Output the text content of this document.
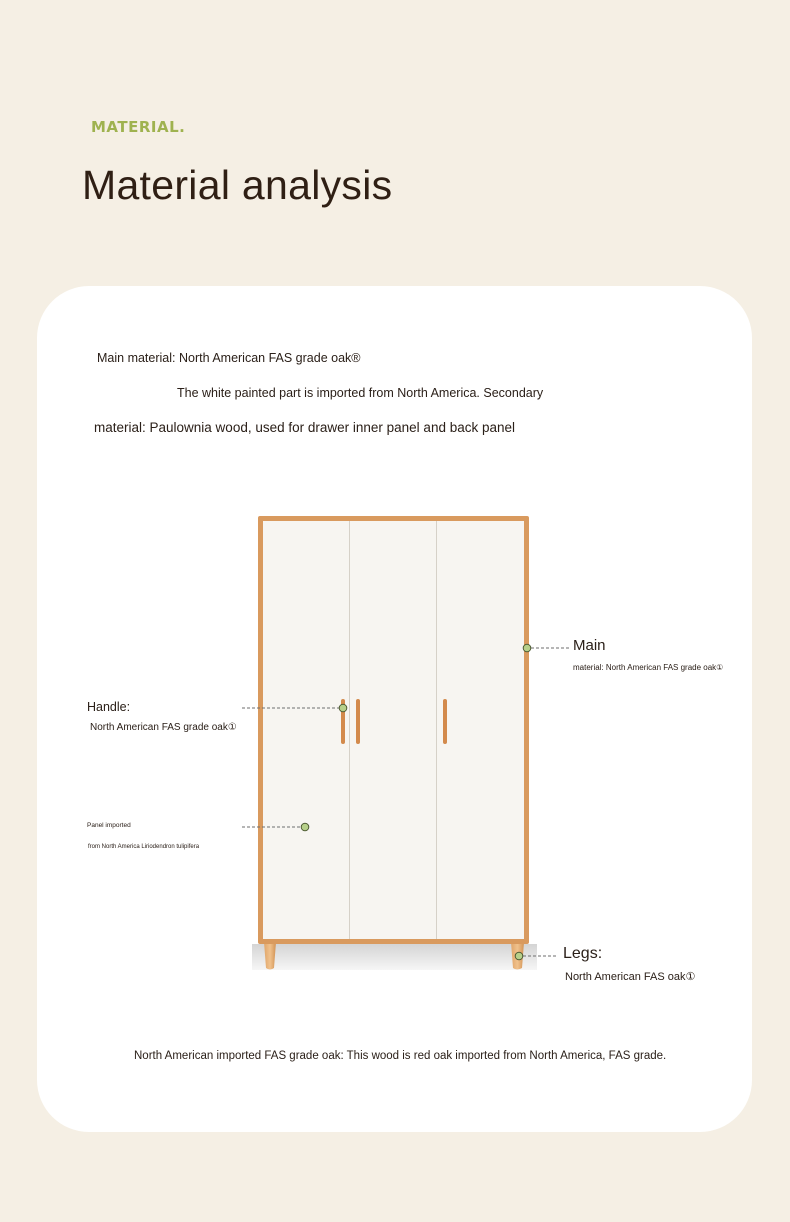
MATERIAL.
Material analysis
Main material: North American FAS grade oak®
The white painted part is imported from North America. Secondary
material: Paulownia wood, used for drawer inner panel and back panel
Main
material: North American FAS grade oak①
Handle:
North American FAS grade oak①
Panel imported
from North America Liriodendron tulipifera
Legs:
North American FAS oak①
North American imported FAS grade oak: This wood is red oak imported from North America, FAS grade.
